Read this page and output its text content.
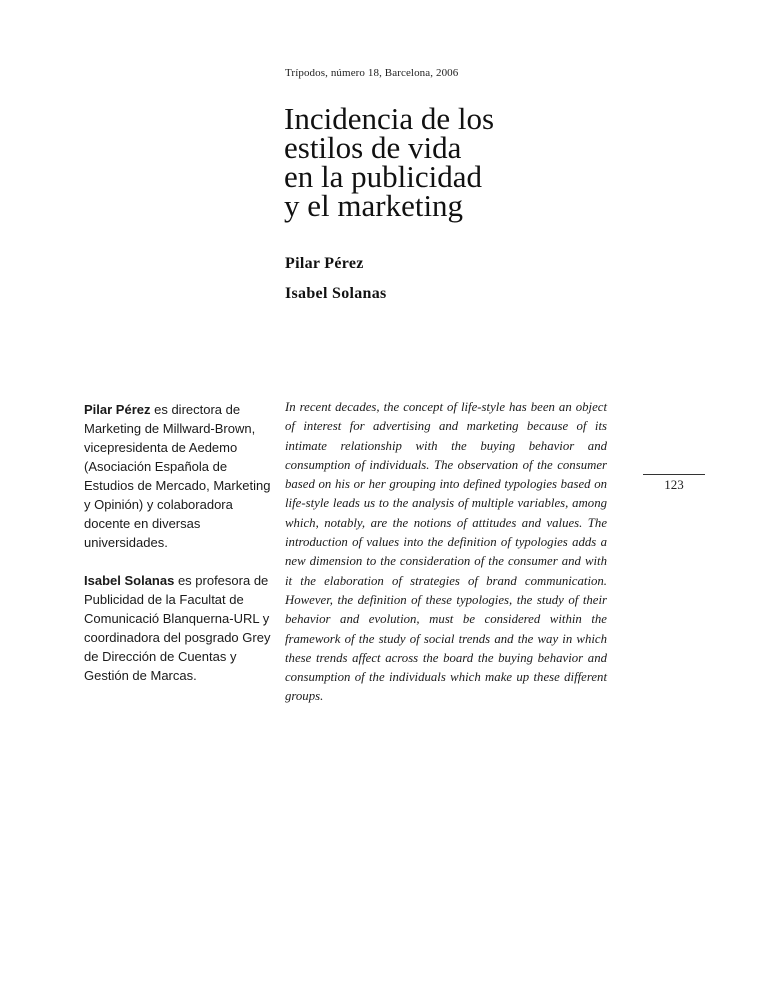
Trípodos, número 18, Barcelona, 2006
Incidencia de los
estilos de vida
en la publicidad
y el marketing
Pilar Pérez
Isabel Solanas

Pilar Pérez es directora de Marketing de Millward-Brown, vicepresidenta de Aedemo (Asociación Española de Estudios de Mercado, Marketing y Opinión) y colaboradora docente en diversas universidades.

Isabel Solanas es profesora de Publicidad de la Facultat de Comunicació Blanquerna-URL y coordinadora del posgrado Grey de Dirección de Cuentas y Gestión de Marcas.

In recent decades, the concept of life-style has been an object of interest for advertising and marketing because of its intimate relationship with the buying behavior and consumption of individuals. The observation of the consumer based on his or her grouping into defined typologies based on life-style leads us to the analysis of multiple variables, among which, notably, are the notions of attitudes and values. The introduction of values into the definition of typologies adds a new dimension to the consideration of the consumer and with it the elaboration of strategies of brand communication. However, the definition of these typologies, the study of their behavior and evolution, must be considered within the framework of the study of social trends and the way in which these trends affect across the board the buying behavior and consumption of the individuals which make up these different groups.

123
